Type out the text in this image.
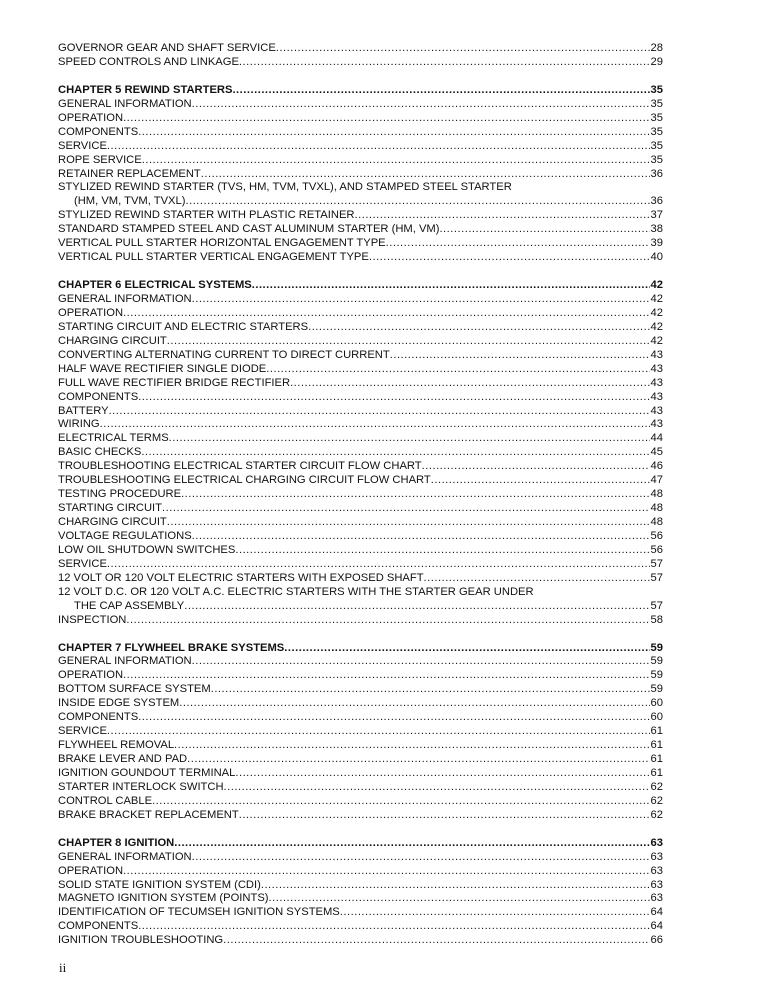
GOVERNOR GEAR AND SHAFT SERVICE .....	28
SPEED CONTROLS AND LINKAGE .....	29
CHAPTER 5 REWIND STARTERS .....	35
GENERAL INFORMATION .....	35
OPERATION .....	35
COMPONENTS .....	35
SERVICE .....	35
ROPE SERVICE .....	35
RETAINER REPLACEMENT .....	36
STYLIZED REWIND STARTER (TVS, HM, TVM, TVXL), AND STAMPED STEEL STARTER
(HM, VM, TVM, TVXL) .....	36
STYLIZED REWIND STARTER WITH PLASTIC RETAINER .....	37
STANDARD STAMPED STEEL AND CAST ALUMINUM STARTER (HM, VM) .....	38
VERTICAL PULL STARTER HORIZONTAL ENGAGEMENT TYPE .....	39
VERTICAL PULL STARTER VERTICAL ENGAGEMENT TYPE .....	40
CHAPTER 6 ELECTRICAL SYSTEMS .....	42
GENERAL INFORMATION .....	42
OPERATION .....	42
STARTING CIRCUIT AND ELECTRIC STARTERS .....	42
CHARGING CIRCUIT .....	42
CONVERTING ALTERNATING CURRENT TO DIRECT CURRENT .....	43
HALF WAVE RECTIFIER SINGLE DIODE .....	43
FULL WAVE RECTIFIER BRIDGE RECTIFIER .....	43
COMPONENTS .....	43
BATTERY .....	43
WIRING .....	43
ELECTRICAL TERMS .....	44
BASIC CHECKS .....	45
TROUBLESHOOTING ELECTRICAL STARTER CIRCUIT FLOW CHART .....	46
TROUBLESHOOTING ELECTRICAL CHARGING CIRCUIT FLOW CHART .....	47
TESTING PROCEDURE .....	48
STARTING CIRCUIT .....	48
CHARGING CIRCUIT .....	48
VOLTAGE REGULATIONS .....	56
LOW OIL SHUTDOWN SWITCHES .....	56
SERVICE .....	57
12 VOLT OR 120 VOLT ELECTRIC STARTERS WITH EXPOSED SHAFT .....	57
12 VOLT D.C. OR 120 VOLT A.C. ELECTRIC STARTERS WITH THE STARTER GEAR UNDER
THE CAP ASSEMBLY .....	57
INSPECTION .....	58
CHAPTER 7 FLYWHEEL BRAKE SYSTEMS .....	59
GENERAL INFORMATION .....	59
OPERATION .....	59
BOTTOM SURFACE SYSTEM .....	59
INSIDE EDGE SYSTEM .....	60
COMPONENTS .....	60
SERVICE .....	61
FLYWHEEL REMOVAL .....	61
BRAKE LEVER AND PAD .....	61
IGNITION GOUNDOUT TERMINAL .....	61
STARTER INTERLOCK SWITCH .....	62
CONTROL CABLE .....	62
BRAKE BRACKET REPLACEMENT .....	62
CHAPTER 8 IGNITION .....	63
GENERAL INFORMATION .....	63
OPERATION .....	63
SOLID STATE IGNITION SYSTEM (CDI) .....	63
MAGNETO IGNITION SYSTEM (POINTS) .....	63
IDENTIFICATION OF TECUMSEH IGNITION SYSTEMS .....	64
COMPONENTS .....	64
IGNITION TROUBLESHOOTING .....	66
ii
